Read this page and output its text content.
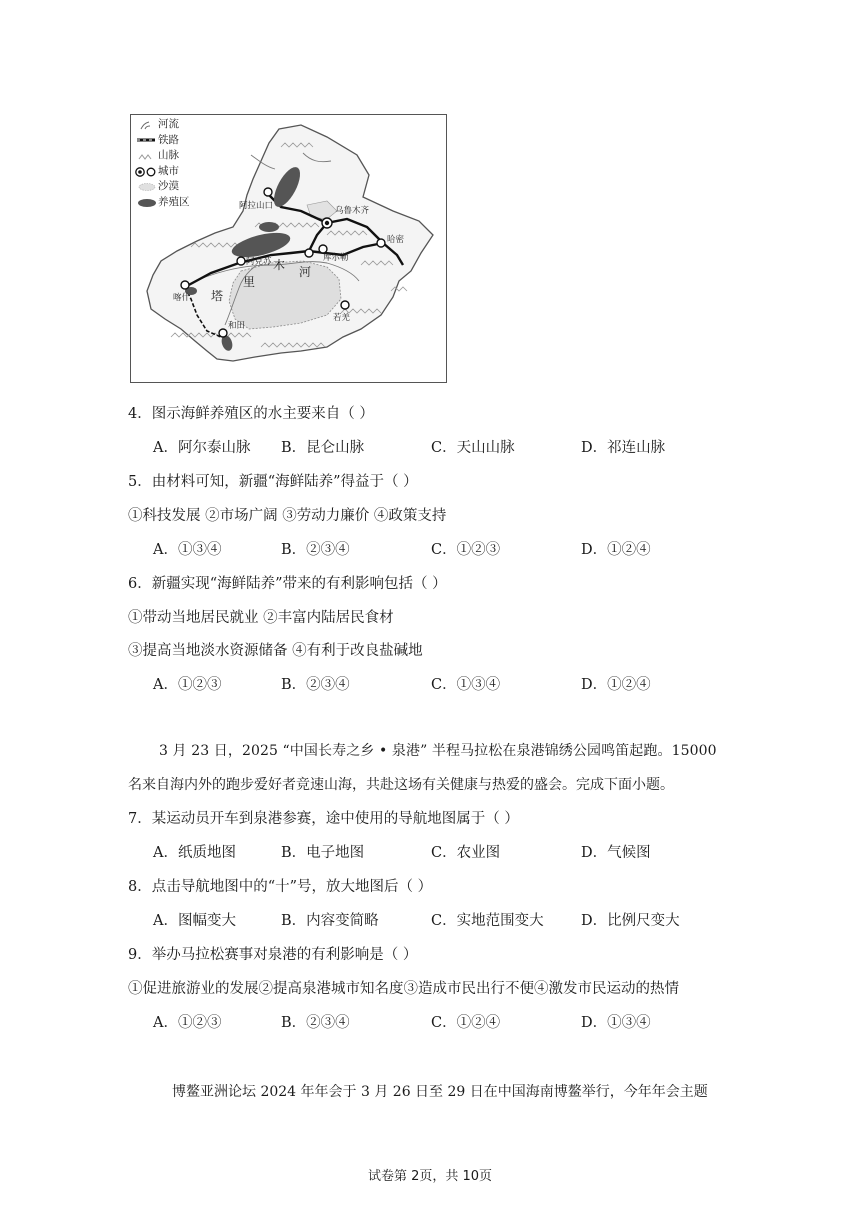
河流
铁路
山脉
城市
沙漠
养殖区	阿拉山口	乌鲁木齐
哈密
库尔勒
阿克苏
喀什
和田
若羌
木 河
里
塔
4．图示海鲜养殖区的水主要来自（ ）
A．阿尔泰山脉 B．昆仑山脉	C．天山山脉	D．祁连山脉
5．由材料可知，新疆“海鲜陆养”得益于（ ）
①科技发展 ②市场广阔 ③劳动力廉价 ④政策支持
A．①③④	B．②③④	C．①②③	D．①②④
6．新疆实现“海鲜陆养”带来的有利影响包括（ ）
①带动当地居民就业 ②丰富内陆居民食材
③提高当地淡水资源储备 ④有利于改良盐碱地
A．①②③	B．②③④	C．①③④	D．①②④
3 月 23 日，2025 “中国长寿之乡 • 泉港” 半程马拉松在泉港锦绣公园鸣笛起跑。15000
名来自海内外的跑步爱好者竞速山海，共赴这场有关健康与热爱的盛会。完成下面小题。
7．某运动员开车到泉港参赛，途中使用的导航地图属于（ ）
A．纸质地图	B．电子地图	C．农业图	D．气候图
8．点击导航地图中的“十”号，放大地图后（ ）
A．图幅变大	B．内容变简略	C．实地范围变大	D．比例尺变大
9．举办马拉松赛事对泉港的有利影响是（ ）
①促进旅游业的发展②提高泉港城市知名度③造成市民出行不便④激发市民运动的热情
A．①②③	B．②③④	C．①②④	D．①③④
博鳌亚洲论坛 2024 年年会于 3 月 26 日至 29 日在中国海南博鳌举行，今年年会主题
试卷第 2页，共 10页
